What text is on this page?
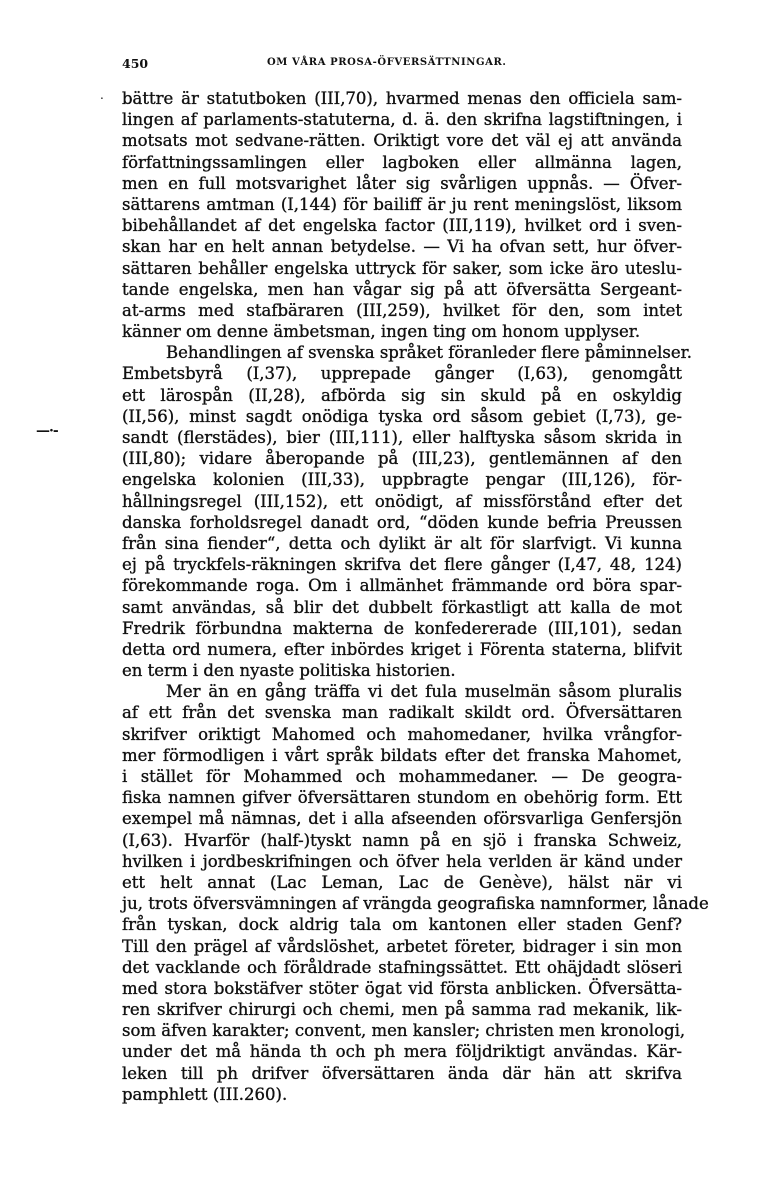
450	OM VÅRA PROSA-ÖFVERSÄTTNINGAR.
.
—·-
bättre är statutboken (III,70), hvarmed menas den officiela sam-
lingen af parlaments-statuterna, d. ä. den skrifna lagstiftningen, i
motsats mot sedvane-rätten. Oriktigt vore det väl ej att använda
författningssamlingen eller lagboken eller allmänna lagen,
men en full motsvarighet låter sig svårligen uppnås. — Öfver-
sättarens amtman (I,144) för bailiff är ju rent meningslöst, liksom
bibehållandet af det engelska factor (III,119), hvilket ord i sven-
skan har en helt annan betydelse. — Vi ha ofvan sett, hur öfver-
sättaren behåller engelska uttryck för saker, som icke äro uteslu-
tande engelska, men han vågar sig på att öfversätta Sergeant-
at-arms med stafbäraren (III,259), hvilket för den, som intet
känner om denne ämbetsman, ingen ting om honom upplyser.
Behandlingen af svenska språket föranleder flere påminnelser.
Embetsbyrå (I,37), upprepade gånger (I,63), genomgått
ett lärospån (II,28), afbörda sig sin skuld på en oskyldig
(II,56), minst sagdt onödiga tyska ord såsom gebiet (I,73), ge-
sandt (flerstädes), bier (III,111), eller halftyska såsom skrida in
(III,80); vidare åberopande på (III,23), gentlemännen af den
engelska kolonien (III,33), uppbragte pengar (III,126), för-
hållningsregel (III,152), ett onödigt, af missförstånd efter det
danska forholdsregel danadt ord, “döden kunde befria Preussen
från sina fiender“, detta och dylikt är alt för slarfvigt. Vi kunna
ej på tryckfels-räkningen skrifva det flere gånger (I,47, 48, 124)
förekommande roga. Om i allmänhet främmande ord böra spar-
samt användas, så blir det dubbelt förkastligt att kalla de mot
Fredrik förbundna makterna de konfedererade (III,101), sedan
detta ord numera, efter inbördes kriget i Förenta staterna, blifvit
en term i den nyaste politiska historien.
Mer än en gång träffa vi det fula muselmän såsom pluralis
af ett från det svenska man radikalt skildt ord. Öfversättaren
skrifver oriktigt Mahomed och mahomedaner, hvilka vrångfor-
mer förmodligen i vårt språk bildats efter det franska Mahomet,
i stället för Mohammed och mohammedaner. — De geogra-
fiska namnen gifver öfversättaren stundom en obehörig form. Ett
exempel må nämnas, det i alla afseenden oförsvarliga Genfersjön
(I,63). Hvarför (half-)tyskt namn på en sjö i franska Schweiz,
hvilken i jordbeskrifningen och öfver hela verlden är känd under
ett helt annat (Lac Leman, Lac de Genève), hälst när vi
ju, trots öfversvämningen af vrängda geografiska namnformer, lånade
från tyskan, dock aldrig tala om kantonen eller staden Genf?
Till den prägel af vårdslöshet, arbetet företer, bidrager i sin mon
det vacklande och föråldrade stafningssättet. Ett ohäjdadt slöseri
med stora bokstäfver stöter ögat vid första anblicken. Öfversätta-
ren skrifver chirurgi och chemi, men på samma rad mekanik, lik-
som äfven karakter; convent, men kansler; christen men kronologi,
under det må hända th och ph mera följdriktigt användas. Kär-
leken till ph drifver öfversättaren ända där hän att skrifva
pamphlett (III.260).
